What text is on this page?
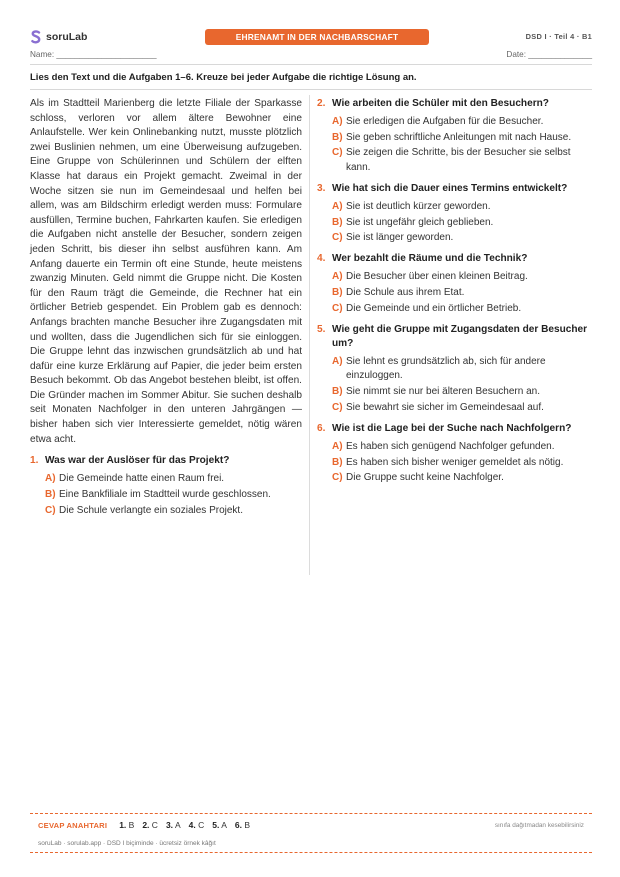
soruLab	EHRENAMT IN DER NACHBARSCHAFT	DSD I · Teil 4 · B1
Name: ______________________	Date: ______________
Lies den Text und die Aufgaben 1–6. Kreuze bei jeder Aufgabe die richtige Lösung an.

Als im Stadtteil Marienberg die letzte Filiale der Sparkasse schloss, verloren vor allem ältere Bewohner eine Anlaufstelle. Wer kein Onlinebanking nutzt, musste plötzlich zwei Buslinien nehmen, um eine Überweisung aufzugeben. Eine Gruppe von Schülerinnen und Schülern der elften Klasse hat daraus ein Projekt gemacht. Zweimal in der Woche sitzen sie nun im Gemeindesaal und helfen bei allem, was am Bildschirm erledigt werden muss: Formulare ausfüllen, Termine buchen, Fahrkarten kaufen. Sie erledigen die Aufgaben nicht anstelle der Besucher, sondern zeigen jeden Schritt, bis dieser ihn selbst ausführen kann. Am Anfang dauerte ein Termin oft eine Stunde, heute meistens zwanzig Minuten. Geld nimmt die Gruppe nicht. Die Kosten für den Raum trägt die Gemeinde, die Rechner hat ein örtlicher Betrieb gespendet. Ein Problem gab es dennoch: Anfangs brachten manche Besucher ihre Zugangsdaten mit und wollten, dass die Jugendlichen sich für sie einloggen. Die Gruppe lehnt das inzwischen grundsätzlich ab und hat dafür eine kurze Erklärung auf Papier, die jeder beim ersten Besuch bekommt. Ob das Angebot bestehen bleibt, ist offen. Die Gründer machen im Sommer Abitur. Sie suchen deshalb seit Monaten Nachfolger in den unteren Jahrgängen — bisher haben sich vier Interessierte gemeldet, nötig wären etwa acht.

1. Was war der Auslöser für das Projekt?
A) Die Gemeinde hatte einen Raum frei.
B) Eine Bankfiliale im Stadtteil wurde geschlossen.
C) Die Schule verlangte ein soziales Projekt.
2. Wie arbeiten die Schüler mit den Besuchern?
A) Sie erledigen die Aufgaben für die Besucher.
B) Sie geben schriftliche Anleitungen mit nach Hause.
C) Sie zeigen die Schritte, bis der Besucher sie selbst kann.
3. Wie hat sich die Dauer eines Termins entwickelt?
A) Sie ist deutlich kürzer geworden.
B) Sie ist ungefähr gleich geblieben.
C) Sie ist länger geworden.
4. Wer bezahlt die Räume und die Technik?
A) Die Besucher über einen kleinen Beitrag.
B) Die Schule aus ihrem Etat.
C) Die Gemeinde und ein örtlicher Betrieb.
5. Wie geht die Gruppe mit Zugangsdaten der Besucher um?
A) Sie lehnt es grundsätzlich ab, sich für andere einzuloggen.
B) Sie nimmt sie nur bei älteren Besuchern an.
C) Sie bewahrt sie sicher im Gemeindesaal auf.
6. Wie ist die Lage bei der Suche nach Nachfolgern?
A) Es haben sich genügend Nachfolger gefunden.
B) Es haben sich bisher weniger gemeldet als nötig.
C) Die Gruppe sucht keine Nachfolger.
CEVAP ANAHTARI 1. B 2. C 3. A 4. C 5. A 6. B	sınıfa dağıtmadan kesebilirsiniz
soruLab · sorulab.app · DSD I biçiminde · ücretsiz örnek kâğıt
